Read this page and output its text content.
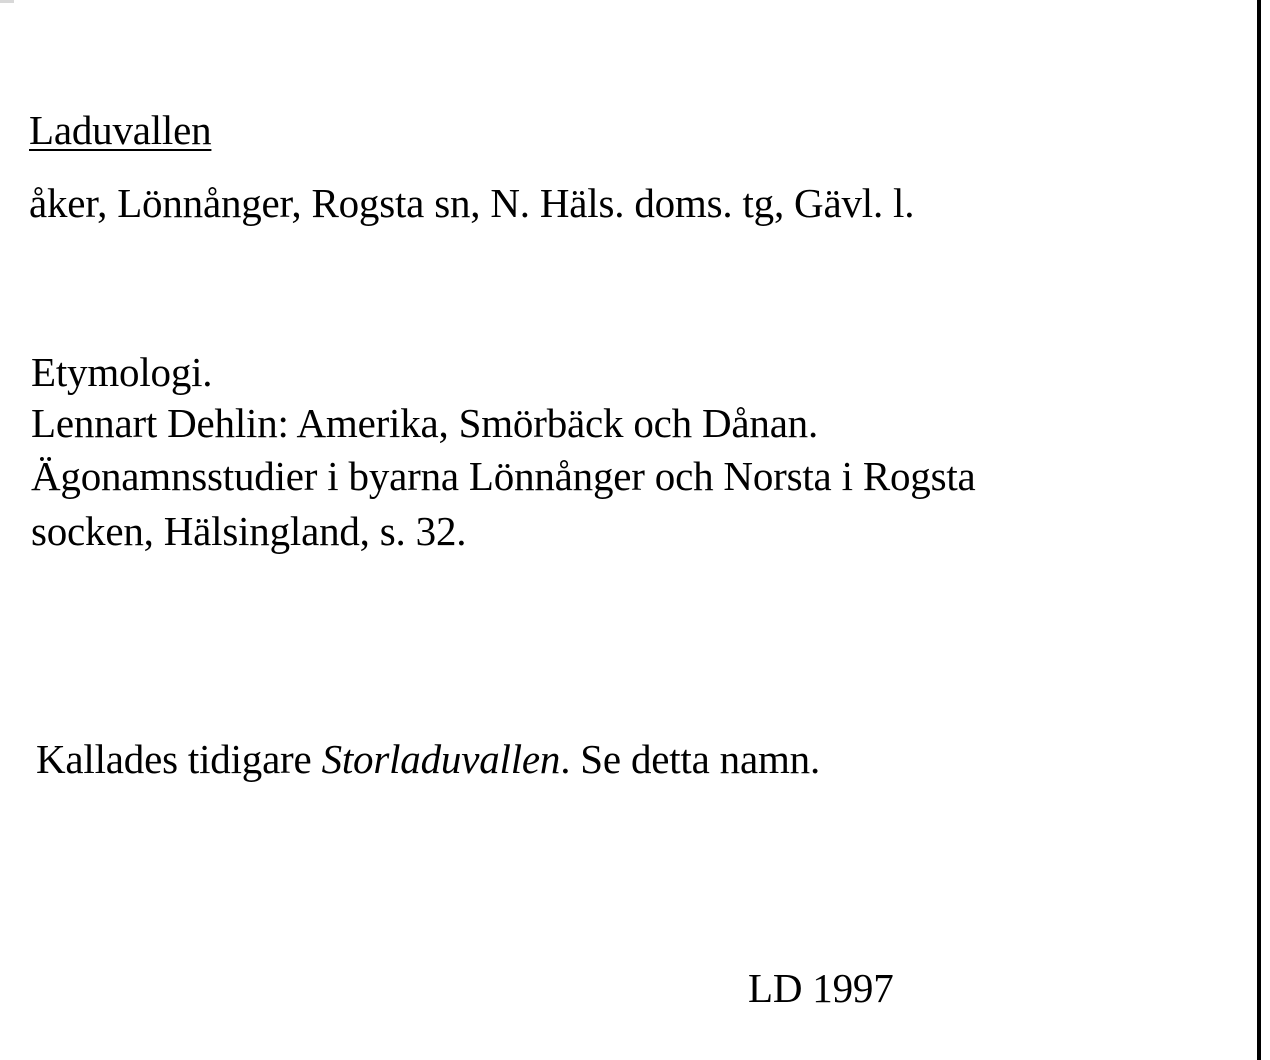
Laduvallen
åker, Lönnånger, Rogsta sn, N. Häls. doms. tg, Gävl. l.
Etymologi.
Lennart Dehlin: Amerika, Smörbäck och Dånan.
Ägonamnsstudier i byarna Lönnånger och Norsta i Rogsta
socken, Hälsingland, s. 32.
Kallades tidigare Storladuvallen. Se detta namn.
LD 1997
